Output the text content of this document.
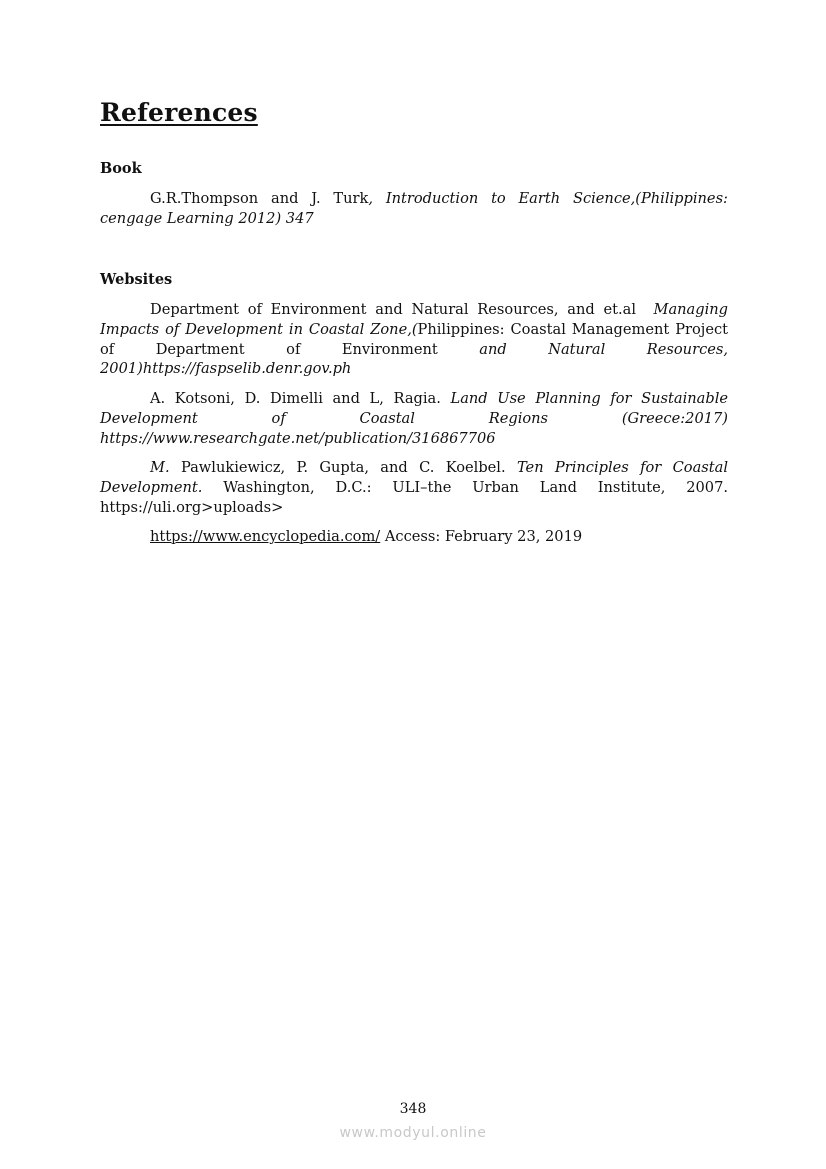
References
Book

G.R.Thompson and J. Turk, Introduction to Earth Science,(Philippines: cengage Learning 2012) 347

Websites

Department of Environment and Natural Resources, and et.al Managing Impacts of Development in Coastal Zone,(Philippines: Coastal Management Project of Department of Environment	and Natural Resources, 2001)https://faspselib.denr.gov.ph

A. Kotsoni, D. Dimelli and L, Ragia. Land Use Planning for Sustainable Development of Coastal Regions (Greece:2017) https://www.researchgate.net/publication/316867706

M. Pawlukiewicz, P. Gupta, and C. Koelbel. Ten Principles for Coastal Development. Washington, D.C.: ULI–the Urban Land Institute, 2007. https://uli.org>uploads>

https://www.encyclopedia.com/ Access: February 23, 2019

348
www.modyul.online
